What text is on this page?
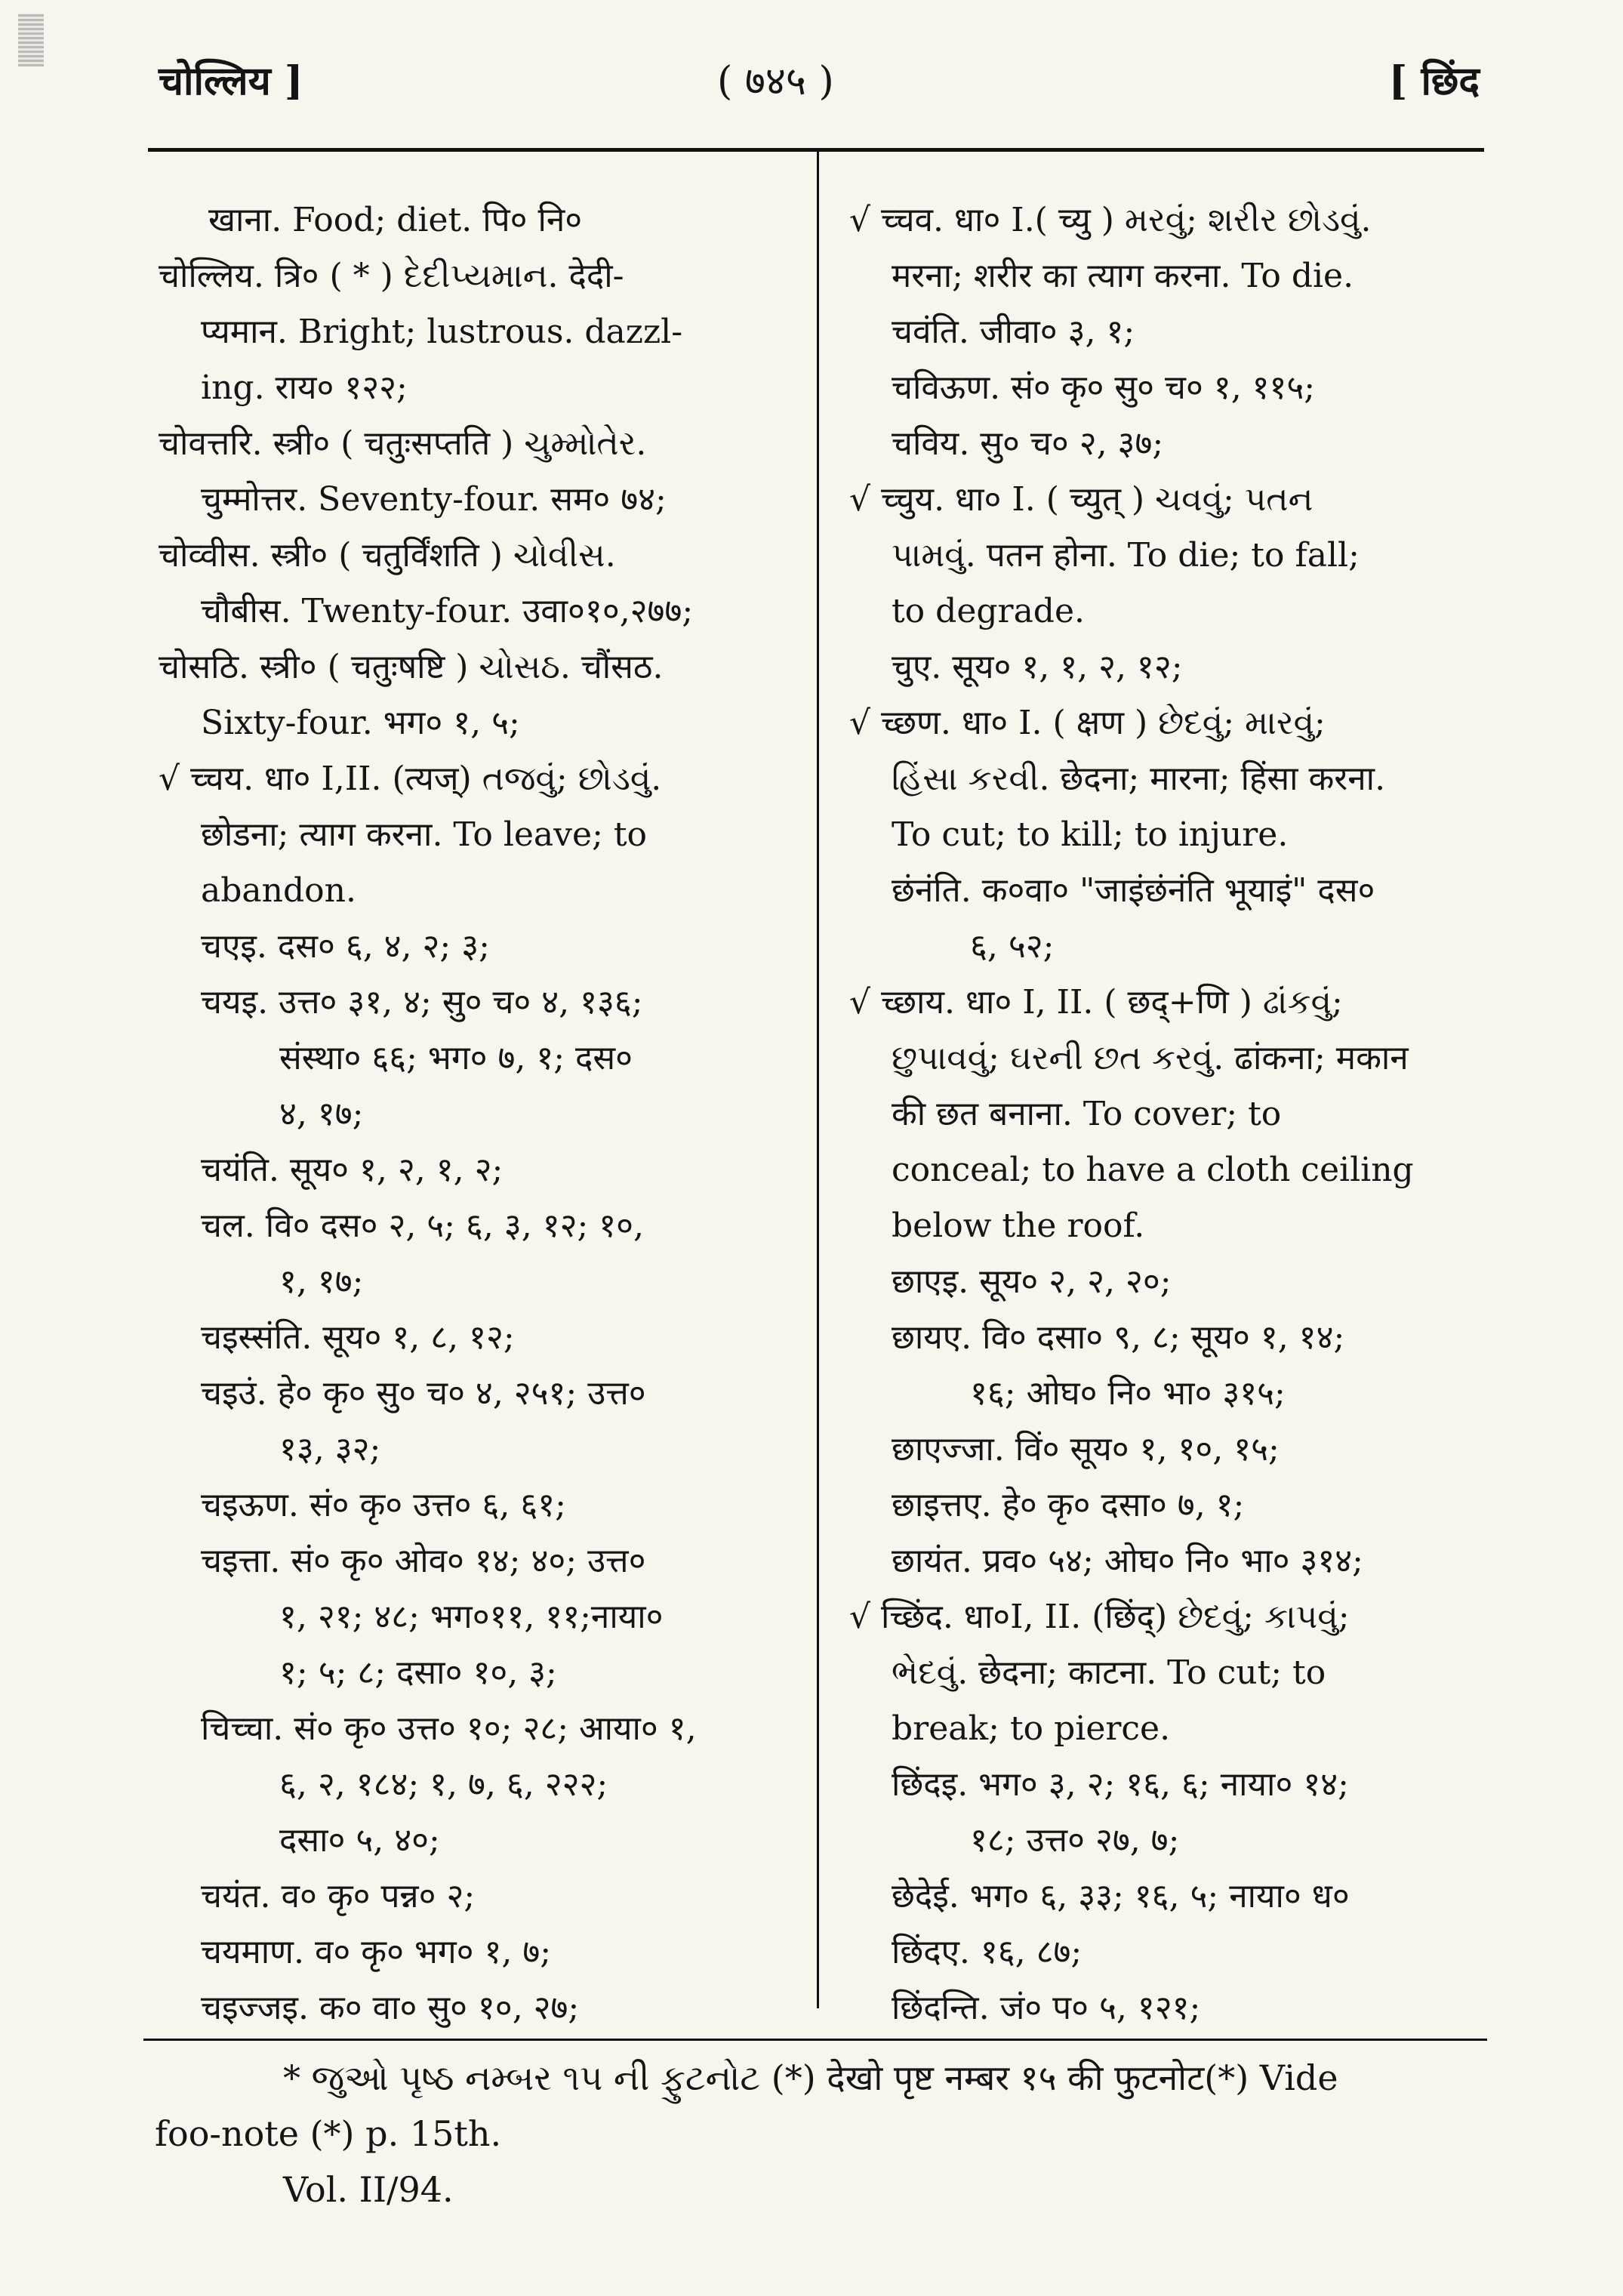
चोल्लिय ]	( ७४५ )	[ छिंद
खाना. Food; diet. पि० नि०
चोल्लिय. त्रि० ( * ) દેદીપ્યમાન. देदी-
प्यमान. Bright; lustrous. dazzl-
ing. राय० १२२;
चोवत्तरि. स्त्री० ( चतुःसप्तति ) ચુમ્મોતેર.
चुम्मोत्तर. Seventy-four. सम० ७४;
चोव्वीस. स्त्री० ( चतुर्विंशति ) ચોવીસ.
चौबीस. Twenty-four. उवा०१०,२७७;
चोसठि. स्त्री० ( चतुःषष्टि ) ચોસઠ. चौंसठ.
Sixty-four. भग० १, ५;
√ च्चय. धा० I,II. (त्यज्) તજવું; છોડવું.
छोडना; त्याग करना. To leave; to
abandon.
चएइ. दस० ६, ४, २; ३;
चयइ. उत्त० ३१, ४; सु० च० ४, १३६;
संस्था० ६६; भग० ७, १; दस०
४, १७;
चयंति. सूय० १, २, १, २;
चल. वि० दस० २, ५; ६, ३, १२; १०,
१, १७;
चइस्संति. सूय० १, ८, १२;
चइउं. हे० कृ० सु० च० ४, २५१; उत्त०
१३, ३२;
चइऊण. सं० कृ० उत्त० ६, ६१;
चइत्ता. सं० कृ० ओव० १४; ४०; उत्त०
१, २१; ४८; भग०११, ११;नाया०
१; ५; ८; दसा० १०, ३;
चिच्चा. सं० कृ० उत्त० १०; २८; आया० १,
६, २, १८४; १, ७, ६, २२२;
दसा० ५, ४०;
चयंत. व० कृ० पन्न० २;
चयमाण. व० कृ० भग० १, ७;
चइज्जइ. क० वा० सु० १०, २७;
√ च्चव. धा० I.( च्यु ) મરવું; શરીર છોડવું.
मरना; शरीर का त्याग करना. To die.
चवंति. जीवा० ३, १;
चविऊण. सं० कृ० सु० च० १, ११५;
चविय. सु० च० २, ३७;
√ च्चुय. धा० I. ( च्युत् ) ચવવું; પતન
પામવું. पतन होना. To die; to fall;
to degrade.
चुए. सूय० १, १, २, १२;
√ च्छण. धा० I. ( क्षण ) છેદવું; મારવું;
હિંસા કરવી. छेदना; मारना; हिंसा करना.
To cut; to kill; to injure.
छंनंति. क०वा० "जाइंछंनंति भूयाइं" दस०
६, ५२;
√ च्छाय. धा० I, II. ( छद्+णि ) ઢાંકવું;
છુપાવવું; ઘરની છત કરવું. ढांकना; मकान
की छत बनाना. To cover; to
conceal; to have a cloth ceiling
below the roof.
छाएइ. सूय० २, २, २०;
छायए. वि० दसा० ९, ८; सूय० १, १४;
१६; ओघ० नि० भा० ३१५;
छाएज्जा. विं० सूय० १, १०, १५;
छाइत्तए. हे० कृ० दसा० ७, १;
छायंत. प्रव० ५४; ओघ० नि० भा० ३१४;
√ च्छिंद. धा०I, II. (छिंद्) છેદવું; કાપવું;
ભેદવું. छेदना; काटना. To cut; to
break; to pierce.
छिंदइ. भग० ३, २; १६, ६; नाया० १४;
१८; उत्त० २७, ७;
छेदेई. भग० ६, ३३; १६, ५; नाया० ध०
छिंदए. १६, ८७;
छिंदन्ति. जं० प० ५, १२१;
* જુઓ પૃષ્ઠ નમ્બર ૧૫ ની ફુટનોટ (*) देखो पृष्ट नम्बर १५ की फुटनोट(*) Vide
foo-note (*) p. 15th.
Vol. II/94.
